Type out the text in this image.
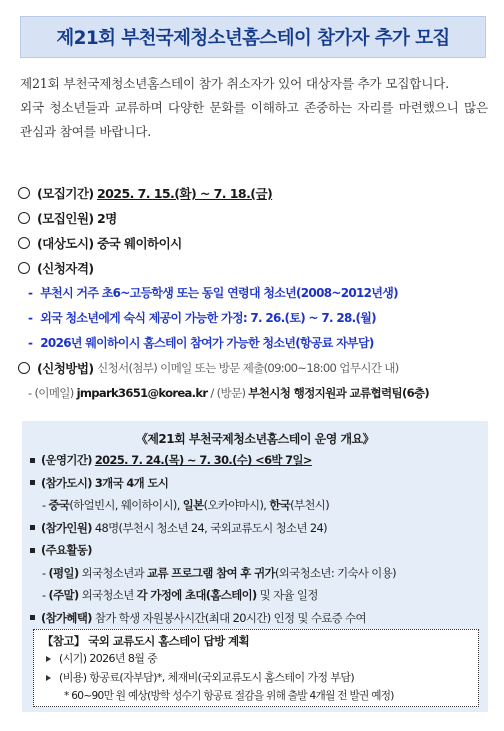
제21회 부천국제청소년홈스테이 참가자 추가 모집

제21회 부천국제청소년홈스테이 참가 취소자가 있어 대상자를 추가 모집합니다.

외국 청소년들과 교류하며 다양한 문화를 이해하고 존중하는 자리를 마련했으니 많은 관심과 참여를 바랍니다.

(모집기간)
2025. 7. 15.(화) ~ 7. 18.(금)
(모집인원)
2명
(대상도시)
중국 웨이하이시
(신청자격)
- 부천시 거주 초6~고등학생 또는 동일 연령대 청소년(2008~2012년생)
- 외국 청소년에게 숙식 제공이 가능한 가정: 7. 26.(토) ~ 7. 28.(월)
- 2026년 웨이하이시 홈스테이 참여가 가능한 청소년(항공료 자부담)
(신청방법)
신청서(첨부) 이메일 또는 방문 제출(09:00~18:00 업무시간 내)
- (이메일)
jmpark3651@korea.kr
/
(방문)
부천시청 행정지원과 교류협력팀(6층)
《제21회 부천국제청소년홈스테이 운영 개요》
(운영기간)
2025. 7. 24.(목) ~ 7. 30.(수) <6박 7일>
(참가도시)
3개국 4개 도시
- 중국 (하얼빈시, 웨이하이시),
일본 (오카야마시),
한국 (부천시)
(참가인원)
48명(부천시 청소년 24, 국외교류도시 청소년 24)
(주요활동)
- (평일)
외국청소년과
교류 프로그램 참여 후 귀가 (외국청소년: 기숙사 이용)
- (주말)
외국청소년
각 가정에 초대(홈스테이)
및 자율 일정
(참가혜택)
참가 학생 자원봉사시간(최대 20시간) 인정 및 수료증 수여
【참고】 국외 교류도시 홈스테이 답방 계획
(시기) 2026년 8월 중
(비용) 항공료(자부담)*, 체재비(국외교류도시 홈스테이 가정 부담)
* 60~90만 원 예상(방학 성수기 항공료 절감을 위해 출발 4개월 전 발권 예정)
